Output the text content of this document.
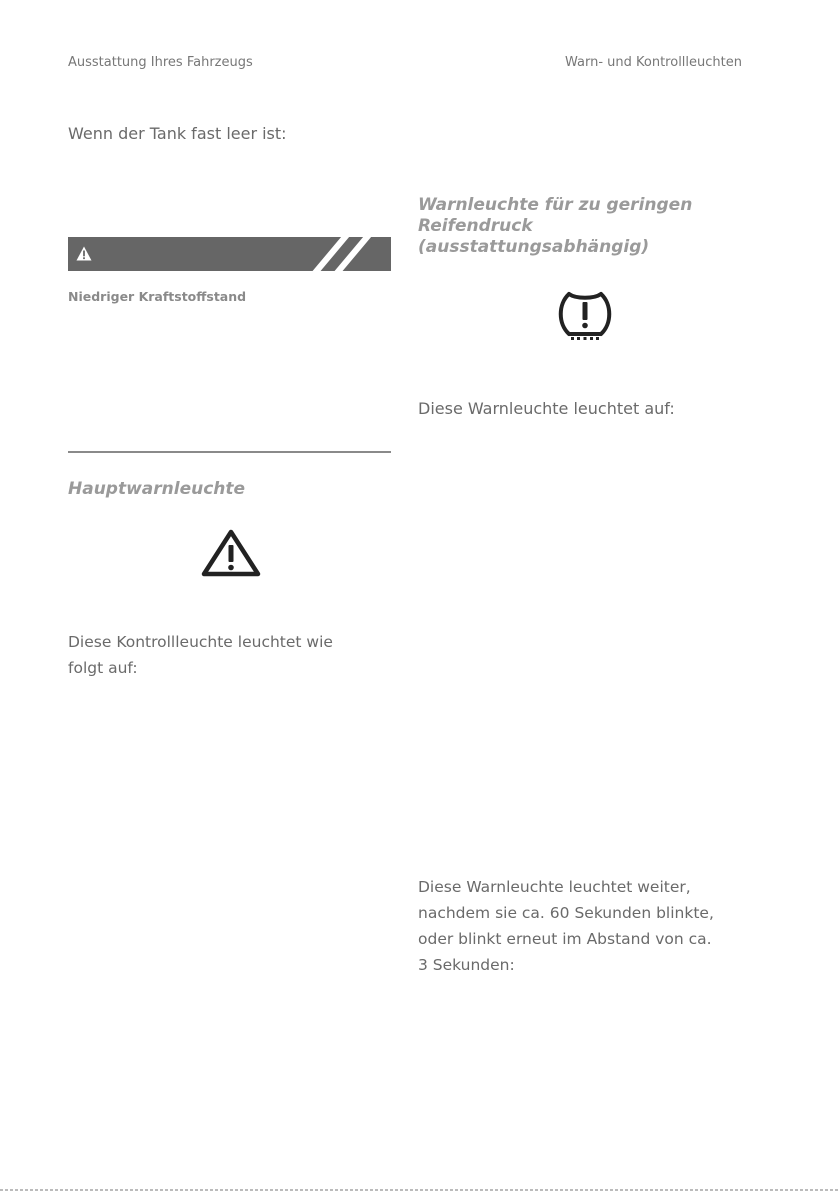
Ausstattung Ihres Fahrzeugs	Warn- und Kontrollleuchten
Wenn der Tank fast leer ist:
Niedriger Kraftstoffstand
Hauptwarnleuchte
Diese Kontrollleuchte leuchtet wie
folgt auf:
Warnleuchte für zu geringen
Reifendruck
(ausstattungsabhängig)
Diese Warnleuchte leuchtet auf:
Diese Warnleuchte leuchtet weiter,
nachdem sie ca. 60 Sekunden blinkte,
oder blinkt erneut im Abstand von ca.
3 Sekunden:
